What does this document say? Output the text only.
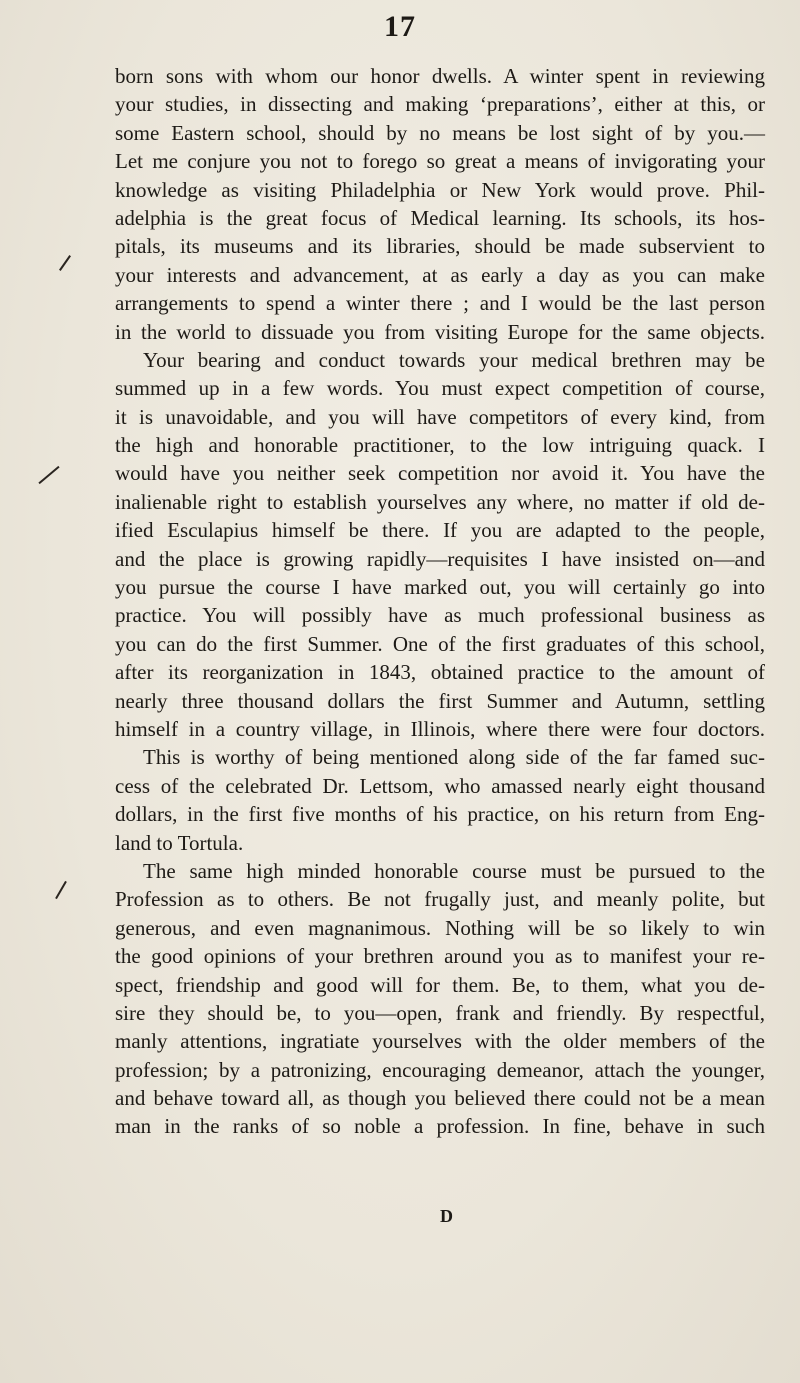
17
born sons with whom our honor dwells. A winter spent in reviewing
your studies, in dissecting and making ‘preparations’, either at this, or
some Eastern school, should by no means be lost sight of by you.—
Let me conjure you not to forego so great a means of invigorating your
knowledge as visiting Philadelphia or New York would prove. Phil-
adelphia is the great focus of Medical learning. Its schools, its hos-
pitals, its museums and its libraries, should be made subservient to
your interests and advancement, at as early a day as you can make
arrangements to spend a winter there ; and I would be the last person
in the world to dissuade you from visiting Europe for the same objects.
Your bearing and conduct towards your medical brethren may be
summed up in a few words. You must expect competition of course,
it is unavoidable, and you will have competitors of every kind, from
the high and honorable practitioner, to the low intriguing quack. I
would have you neither seek competition nor avoid it. You have the
inalienable right to establish yourselves any where, no matter if old de-
ified Esculapius himself be there. If you are adapted to the people,
and the place is growing rapidly—requisites I have insisted on—and
you pursue the course I have marked out, you will certainly go into
practice. You will possibly have as much professional business as
you can do the first Summer. One of the first graduates of this school,
after its reorganization in 1843, obtained practice to the amount of
nearly three thousand dollars the first Summer and Autumn, settling
himself in a country village, in Illinois, where there were four doctors.
This is worthy of being mentioned along side of the far famed suc-
cess of the celebrated Dr. Lettsom, who amassed nearly eight thousand
dollars, in the first five months of his practice, on his return from Eng-
land to Tortula.
The same high minded honorable course must be pursued to the
Profession as to others. Be not frugally just, and meanly polite, but
generous, and even magnanimous. Nothing will be so likely to win
the good opinions of your brethren around you as to manifest your re-
spect, friendship and good will for them. Be, to them, what you de-
sire they should be, to you—open, frank and friendly. By respectful,
manly attentions, ingratiate yourselves with the older members of the
profession; by a patronizing, encouraging demeanor, attach the younger,
and behave toward all, as though you believed there could not be a mean
man in the ranks of so noble a profession. In fine, behave in such
D
